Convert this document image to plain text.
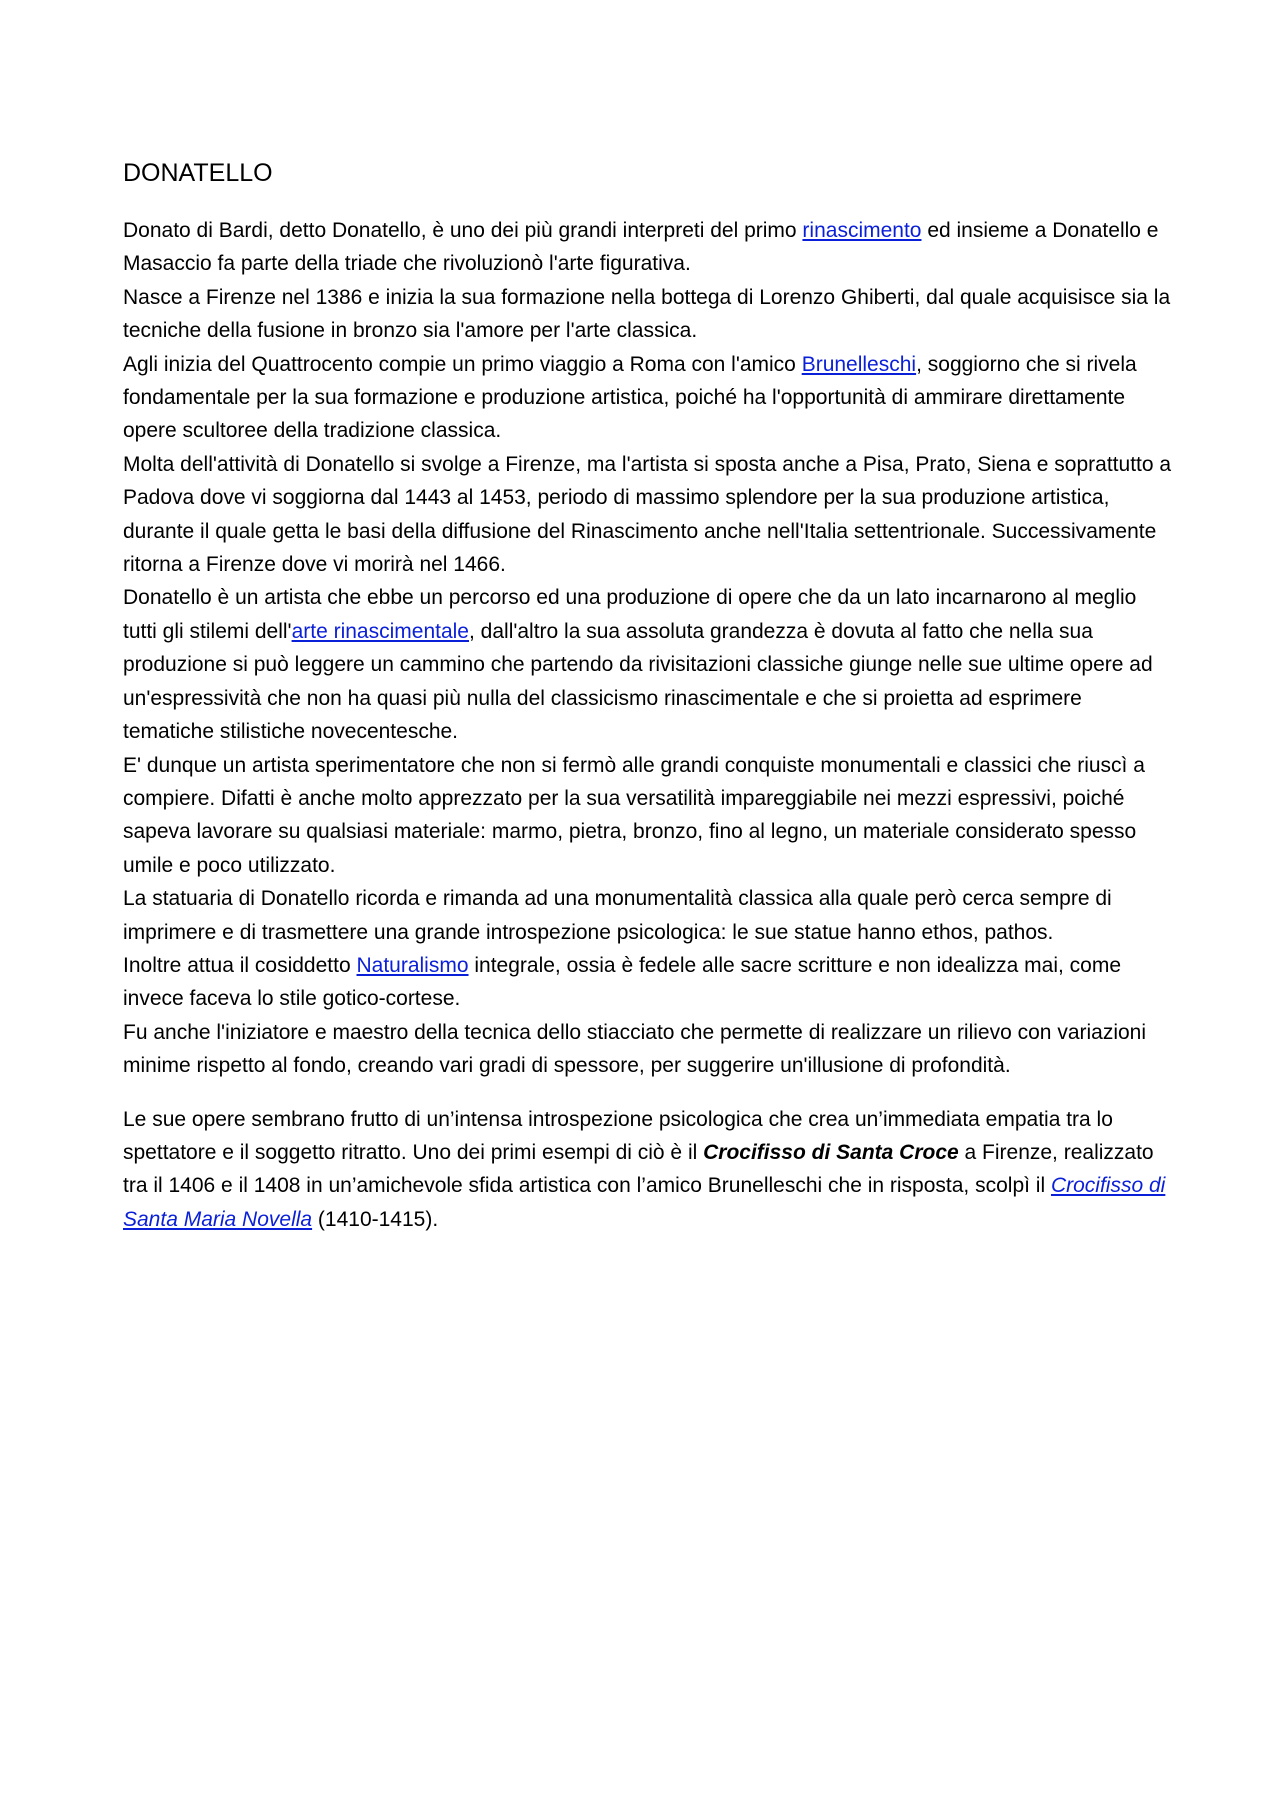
DONATELLO

Donato di Bardi, detto Donatello, è uno dei più grandi interpreti del primo rinascimento ed insieme a Donatello e Masaccio fa parte della triade che rivoluzionò l'arte figurativa.

Nasce a Firenze nel 1386 e inizia la sua formazione nella bottega di Lorenzo Ghiberti, dal quale acquisisce sia la tecniche della fusione in bronzo sia l'amore per l'arte classica.

Agli inizia del Quattrocento compie un primo viaggio a Roma con l'amico Brunelleschi, soggiorno che si rivela fondamentale per la sua formazione e produzione artistica, poiché ha l'opportunità di ammirare direttamente opere scultoree della tradizione classica.

Molta dell'attività di Donatello si svolge a Firenze, ma l'artista si sposta anche a Pisa, Prato, Siena e soprattutto a Padova dove vi soggiorna dal 1443 al 1453, periodo di massimo splendore per la sua produzione artistica, durante il quale getta le basi della diffusione del Rinascimento anche nell'Italia settentrionale. Successivamente ritorna a Firenze dove vi morirà nel 1466.

Donatello è un artista che ebbe un percorso ed una produzione di opere che da un lato incarnarono al meglio tutti gli stilemi dell'arte rinascimentale, dall'altro la sua assoluta grandezza è dovuta al fatto che nella sua produzione si può leggere un cammino che partendo da rivisitazioni classiche giunge nelle sue ultime opere ad un'espressività che non ha quasi più nulla del classicismo rinascimentale e che si proietta ad esprimere tematiche stilistiche novecentesche.

E' dunque un artista sperimentatore che non si fermò alle grandi conquiste monumentali e classici che riuscì a compiere. Difatti è anche molto apprezzato per la sua versatilità impareggiabile nei mezzi espressivi, poiché sapeva lavorare su qualsiasi materiale: marmo, pietra, bronzo, fino al legno, un materiale considerato spesso umile e poco utilizzato.

La statuaria di Donatello ricorda e rimanda ad una monumentalità classica alla quale però cerca sempre di imprimere e di trasmettere una grande introspezione psicologica: le sue statue hanno ethos, pathos.

Inoltre attua il cosiddetto Naturalismo integrale, ossia è fedele alle sacre scritture e non idealizza mai, come invece faceva lo stile gotico-cortese.

Fu anche l'iniziatore e maestro della tecnica dello stiacciato che permette di realizzare un rilievo con variazioni minime rispetto al fondo, creando vari gradi di spessore, per suggerire un'illusione di profondità.

Le sue opere sembrano frutto di un’intensa introspezione psicologica che crea un’immediata empatia tra lo spettatore e il soggetto ritratto. Uno dei primi esempi di ciò è il Crocifisso di Santa Croce a Firenze, realizzato tra il 1406 e il 1408 in un’amichevole sfida artistica con l’amico Brunelleschi che in risposta, scolpì il Crocifisso di Santa Maria Novella (1410-1415).
